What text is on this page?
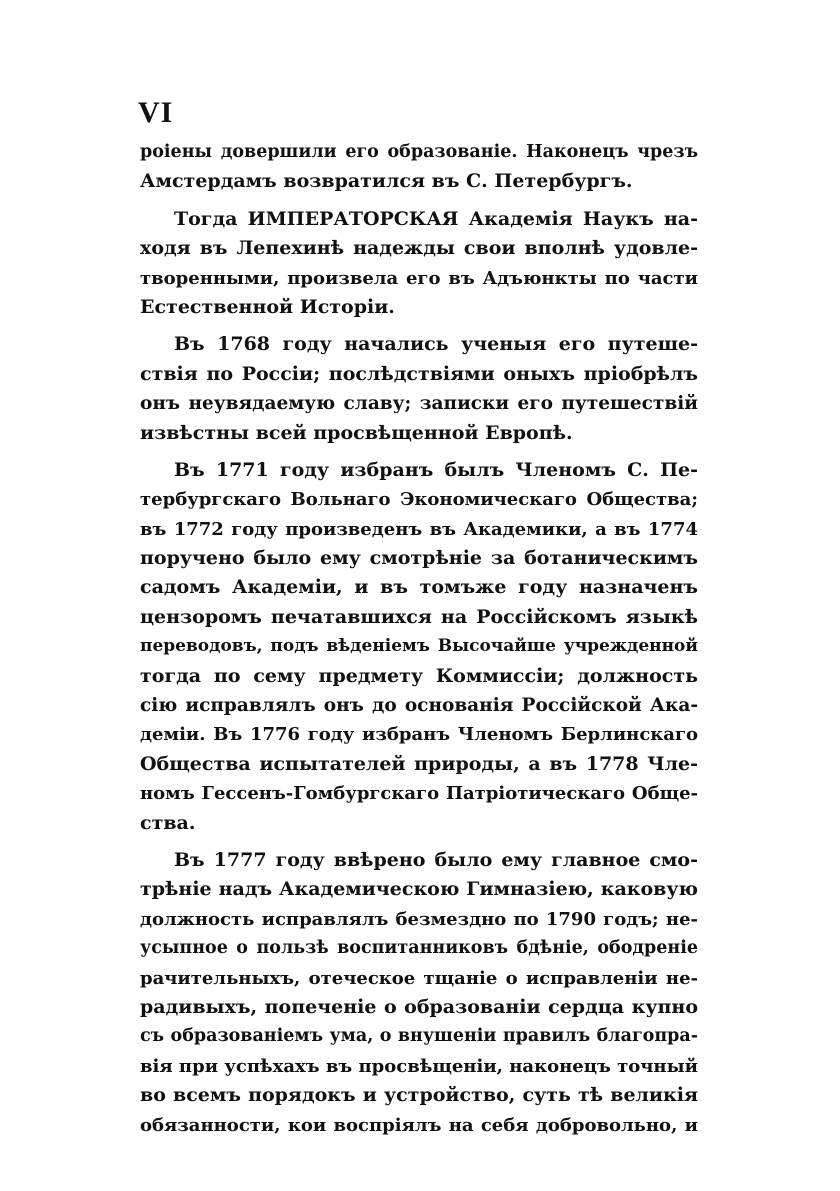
VI
роіены довершили его образованіе. Наконецъ чрезъ
Амстердамъ возвратился въ С. Петербургъ.
Тогда ИМПЕРАТОРСКАЯ Академія Наукъ на-
ходя въ Лепехинѣ надежды свои вполнѣ удовле-
творенными, произвела его въ Адъюнкты по части
Естественной Исторіи.
Въ 1768 году начались ученыя его путеше-
ствія по Россіи; послѣдствіями оныхъ пріобрѣлъ
онъ неувядаемую славу; записки его путешествій
извѣстны всей просвѣщенной Европѣ.
Въ 1771 году избранъ былъ Членомъ С. Пе-
тербургскаго Вольнаго Экономическаго Общества;
въ 1772 году произведенъ въ Академики, а въ 1774
поручено было ему смотрѣніе за ботаническимъ
садомъ Академіи, и въ томъже году назначенъ
цензоромъ печатавшихся на Россійскомъ языкѣ
переводовъ, подъ вѣденіемъ Высочайше учрежденной
тогда по сему предмету Коммиссіи; должность
сію исправлялъ онъ до основанія Россійской Ака-
деміи. Въ 1776 году избранъ Членомъ Берлинскаго
Общества испытателей природы, а въ 1778 Чле-
номъ Гессенъ-Гомбургскаго Патріотическаго Обще-
ства.
Въ 1777 году ввѣрено было ему главное смо-
трѣніе надъ Академическою Гимназіею, каковую
должность исправлялъ безмездно по 1790 годъ; не-
усыпное о пользѣ воспитанниковъ бдѣніе, ободреніе
рачительныхъ, отеческое тщаніе о исправленіи не-
радивыхъ, попеченіе о образованіи сердца купно
съ образованіемъ ума, о внушеніи правилъ благопра-
вія при успѣхахъ въ просвѣщеніи, наконецъ точный
во всемъ порядокъ и устройство, суть тѣ великія
обязанности, кои воспріялъ на себя добровольно, и
